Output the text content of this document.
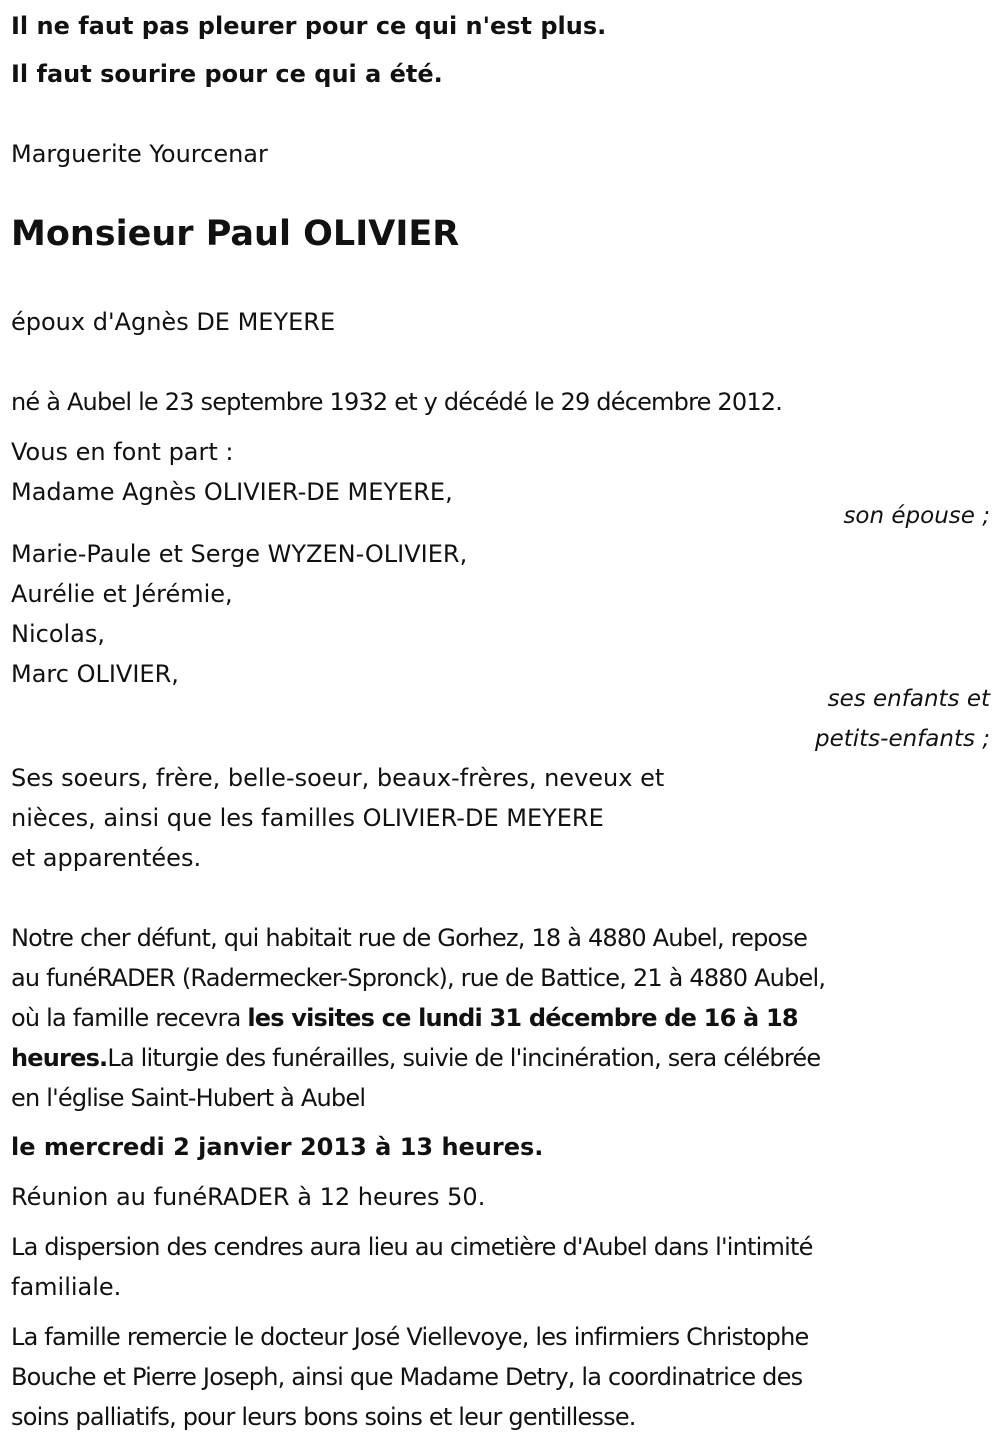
Il ne faut pas pleurer pour ce qui n'est plus.
Il faut sourire pour ce qui a été.
Marguerite Yourcenar
Monsieur Paul OLIVIER
époux d'Agnès DE MEYERE
né à Aubel le 23 septembre 1932 et y décédé le 29 décembre 2012.
Vous en font part :
Madame Agnès OLIVIER-DE MEYERE,
son épouse ;
Marie-Paule et Serge WYZEN-OLIVIER,
Aurélie et Jérémie,
Nicolas,
Marc OLIVIER,
ses enfants et
petits-enfants ;
Ses soeurs, frère, belle-soeur, beaux-frères, neveux et
nièces, ainsi que les familles OLIVIER-DE MEYERE
et apparentées.
Notre cher défunt, qui habitait rue de Gorhez, 18 à 4880 Aubel, repose
au funéRADER (Radermecker-Spronck), rue de Battice, 21 à 4880 Aubel,
où la famille recevra les visites ce lundi 31 décembre de 16 à 18
heures.La liturgie des funérailles, suivie de l'incinération, sera célébrée
en l'église Saint-Hubert à Aubel
le mercredi 2 janvier 2013 à 13 heures.
Réunion au funéRADER à 12 heures 50.
La dispersion des cendres aura lieu au cimetière d'Aubel dans l'intimité
familiale.
La famille remercie le docteur José Viellevoye, les infirmiers Christophe
Bouche et Pierre Joseph, ainsi que Madame Detry, la coordinatrice des
soins palliatifs, pour leurs bons soins et leur gentillesse.
